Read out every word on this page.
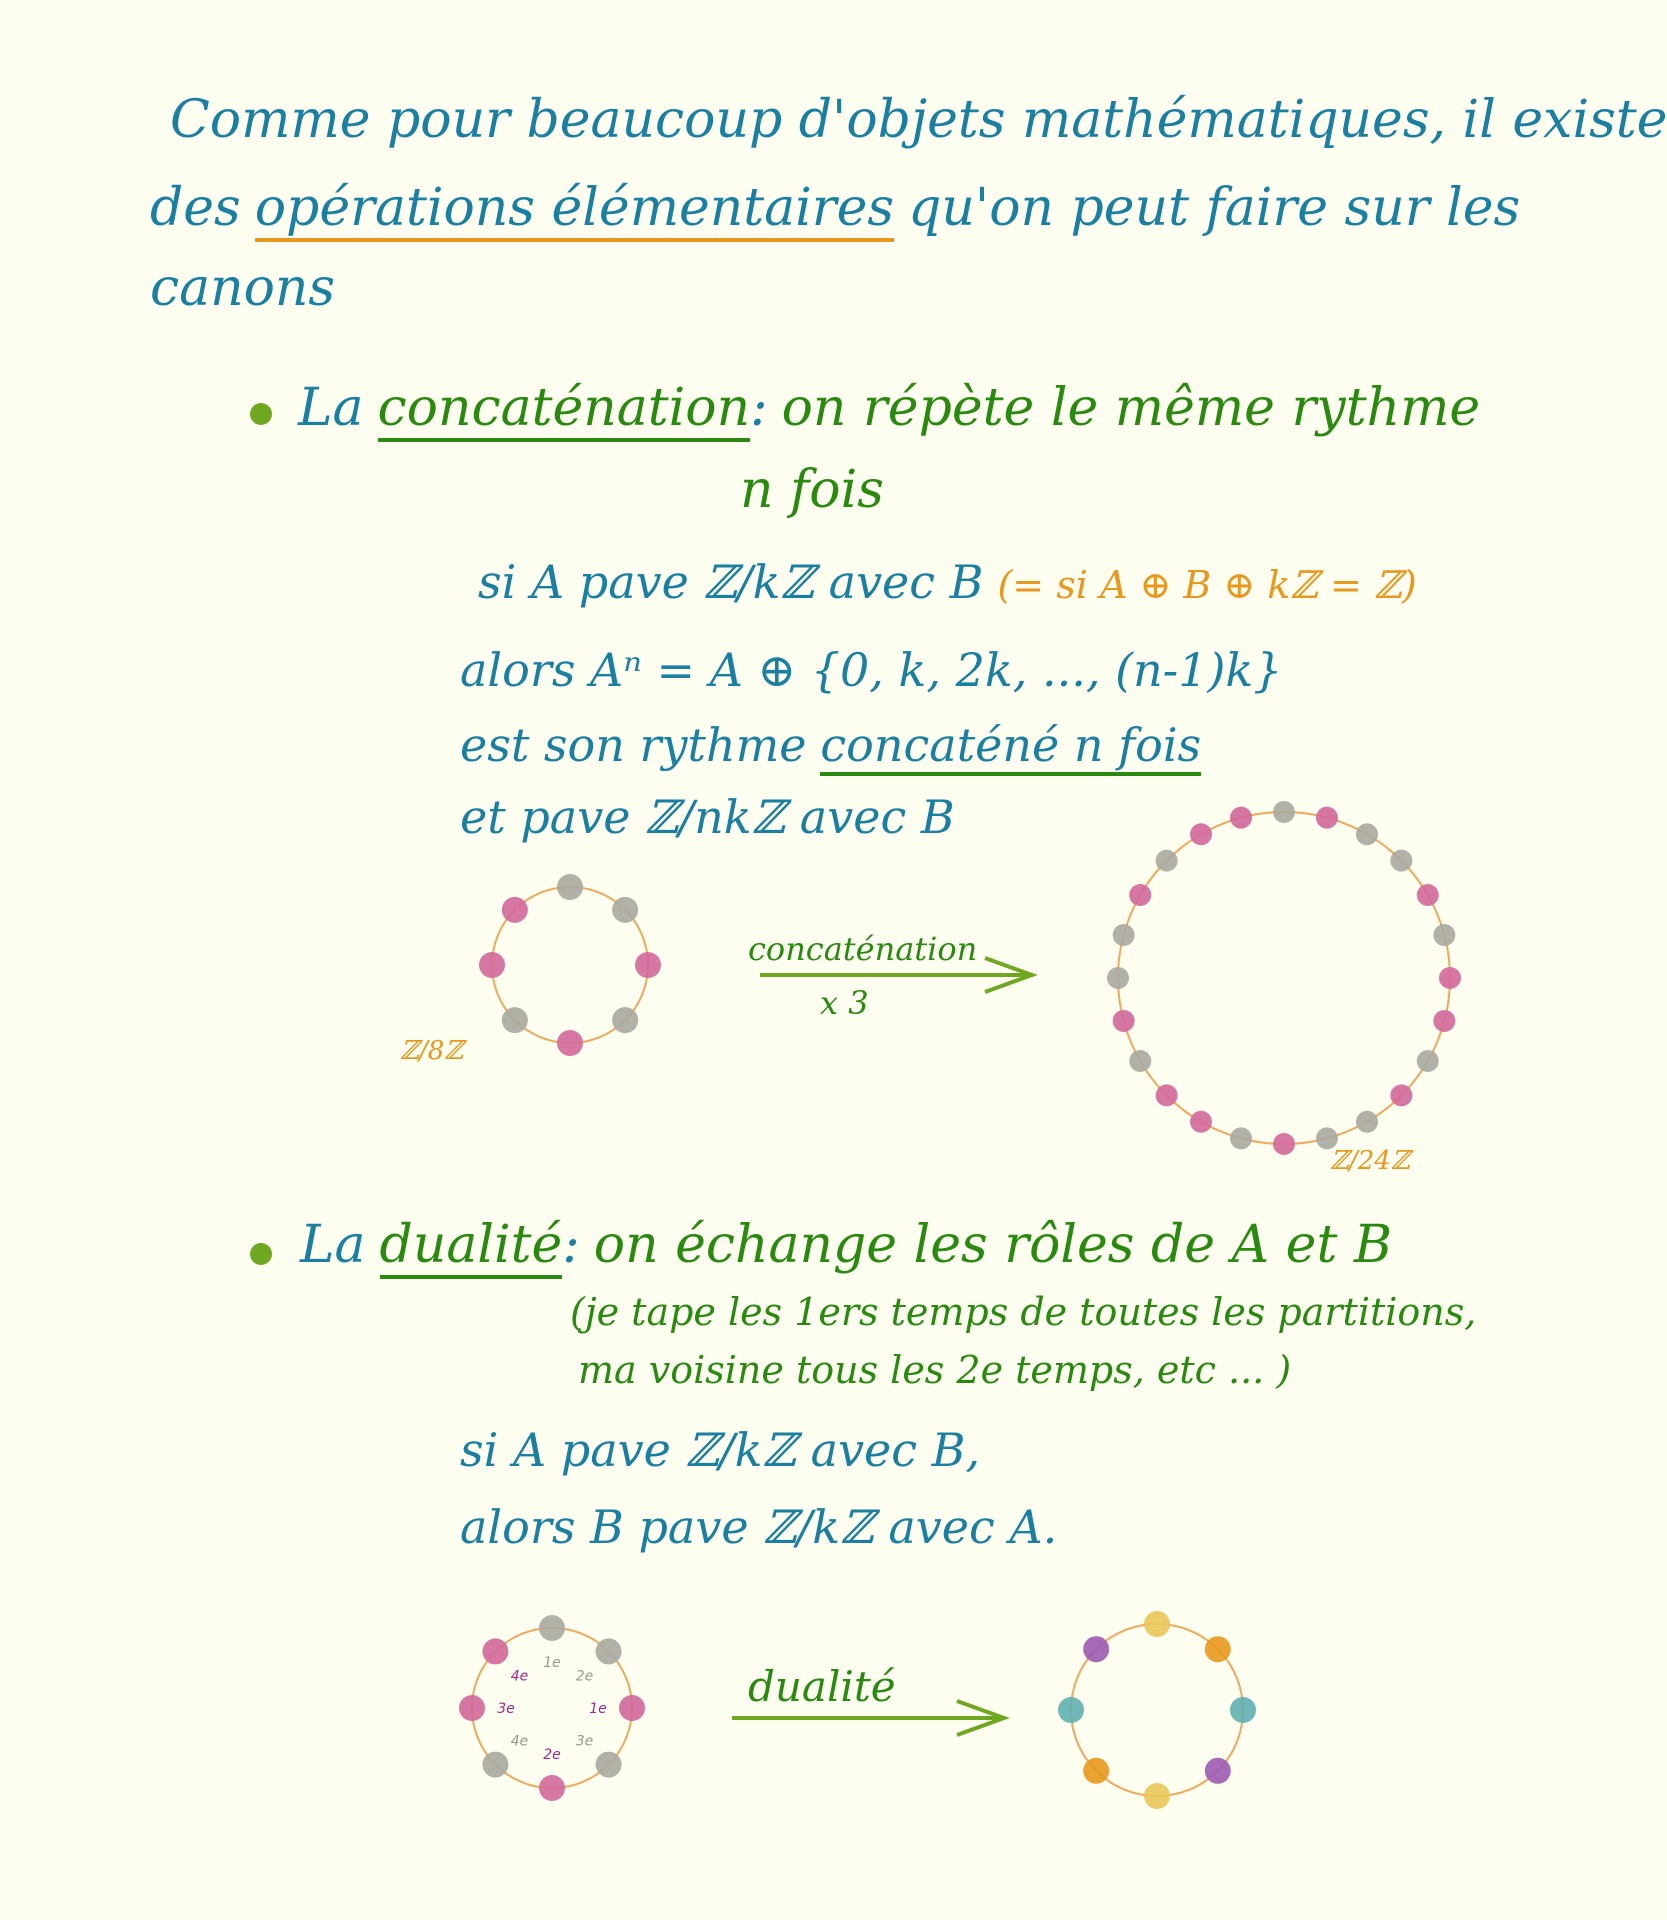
Comme pour beaucoup d'objets mathématiques, il existe
des opérations élémentaires qu'on peut faire sur les
canons
La concaténation: on répète le même rythme
n fois
si A pave ℤ/kℤ avec B (= si A ⊕ B ⊕ kℤ = ℤ)
alors Aⁿ = A ⊕ {0, k, 2k, ..., (n-1)k}
est son rythme concaténé n fois
et pave ℤ/nkℤ avec B
ℤ/8ℤ
ℤ/24ℤ
concaténation
x 3
La dualité: on échange les rôles de A et B
(je tape les 1ers temps de toutes les partitions,
ma voisine tous les 2e temps, etc ... )
si A pave ℤ/kℤ avec B,
alors B pave ℤ/kℤ avec A.
dualité
1e
2e
1e
3e
2e
4e
3e
4e
